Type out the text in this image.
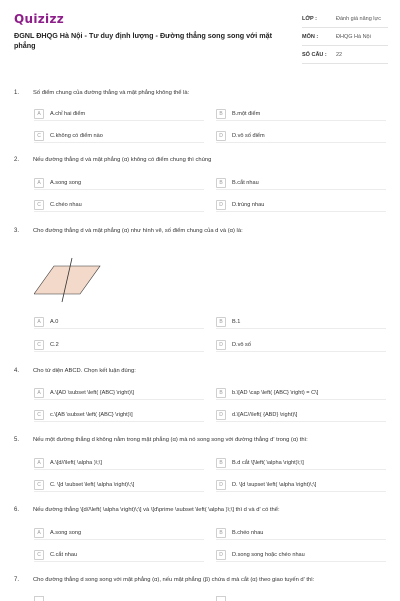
Quizizz
ĐGNL ĐHQG Hà Nội - Tư duy định lượng - Đường thẳng song song với mặt phẳng
LỚP :	Đánh giá năng lực
MÔN :	ĐHQG Hà Nội
SỐ CÂU :	22
1. Số điểm chung của đường thẳng và mặt phẳng không thể là:
A	A.chỉ hai điểm	B	B.một điểm
C	C.không có điểm nào	D	D.vô số điểm
2. Nếu đường thẳng d và mặt phẳng (α) không có điểm chung thì chúng
A	A.song song	B	B.cắt nhau
C	C.chéo nhau	D	D.trùng nhau
3. Cho đường thẳng d và mặt phẳng (α) như hình vẽ, số điểm chung của d và (α) là:
A	A.0	B	B.1
C	C.2	D	D.vô số
4. Cho tứ diện ABCD. Chọn kết luận đúng:
A	A.\[AD \subset \left( {ABC} \right)\]	B	b.\[AD \cap \left( {ABC} \right) = C\]
C	c.\[AB \subset \left( {ABC} \right)\]	D	d.\[AC//\left( {ABD} \right)\]
5. Nếu một đường thẳng d không nằm trong mặt phẳng (α) mà nó song song với đường thẳng d' trong (α) thì:
A	A.\[d//\left( \alpha )\;\]	B	B.d cắt \[\left( \alpha \right)\;\]
C	C. \[d \subset \left( \alpha \right)\;\]	D	D. \[d \supset \left( \alpha \right)\;\]
6. Nếu đường thẳng \[d//\left( \alpha \right)\;\] và \[d\prime \subset \left( \alpha )\;\] thì d và d' có thể:
A	A.song song	B	B.chéo nhau
C	C.cắt nhau	D	D.song song hoặc chéo nhau
7. Cho đường thẳng d song song với mặt phẳng (α), nếu mặt phẳng (β) chứa d mà cắt (α) theo giao tuyến d' thì:
